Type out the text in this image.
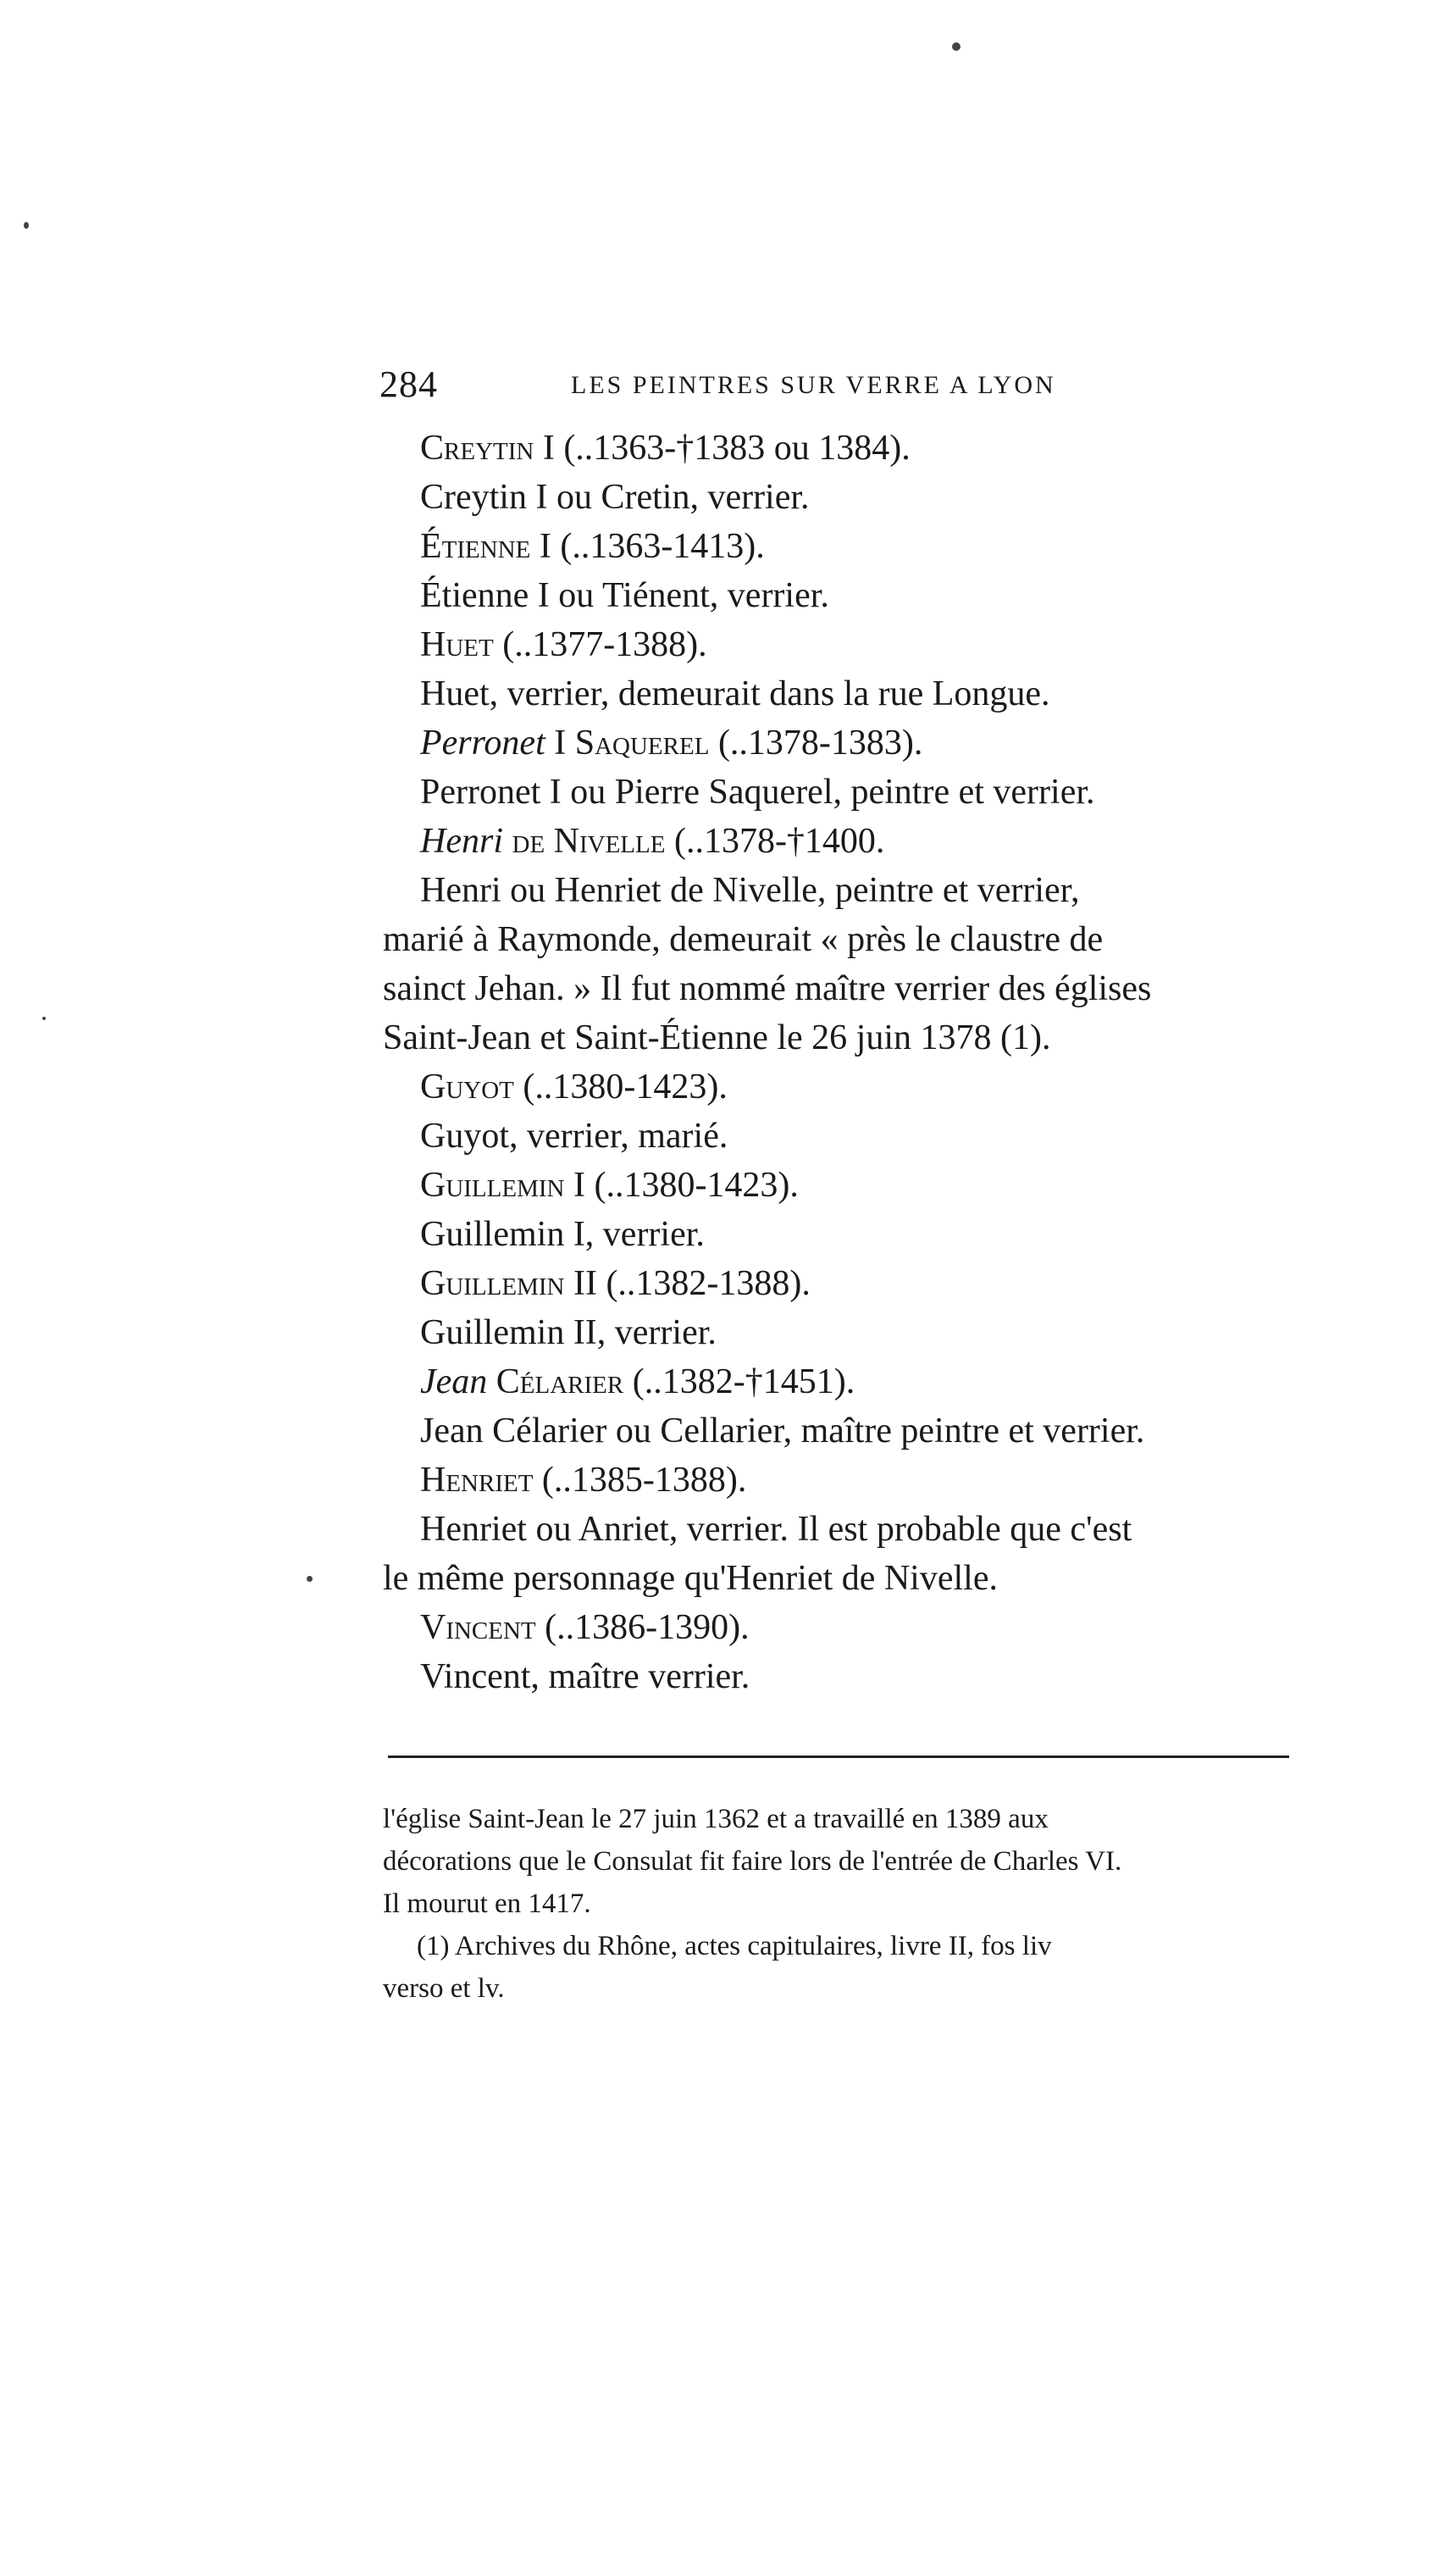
284	LES PEINTRES SUR VERRE A LYON
Creytin I (..1363-†1383 ou 1384).
Creytin I ou Cretin, verrier.
Étienne I (..1363-1413).
Étienne I ou Tiénent, verrier.
Huet (..1377-1388).
Huet, verrier, demeurait dans la rue Longue.
Perronet I Saquerel (..1378-1383).
Perronet I ou Pierre Saquerel, peintre et verrier.
Henri de Nivelle (..1378-†1400.
Henri ou Henriet de Nivelle, peintre et verrier,
marié à Raymonde, demeurait « près le claustre de
sainct Jehan. » Il fut nommé maître verrier des églises
Saint-Jean et Saint-Étienne le 26 juin 1378 (1).
Guyot (..1380-1423).
Guyot, verrier, marié.
Guillemin I (..1380-1423).
Guillemin I, verrier.
Guillemin II (..1382-1388).
Guillemin II, verrier.
Jean Célarier (..1382-†1451).
Jean Célarier ou Cellarier, maître peintre et verrier.
Henriet (..1385-1388).
Henriet ou Anriet, verrier. Il est probable que c'est
le même personnage qu'Henriet de Nivelle.
Vincent (..1386-1390).
Vincent, maître verrier.
l'église Saint-Jean le 27 juin 1362 et a travaillé en 1389 aux
décorations que le Consulat fit faire lors de l'entrée de Charles VI.
Il mourut en 1417.
(1) Archives du Rhône, actes capitulaires, livre II, fos liv
verso et lv.
